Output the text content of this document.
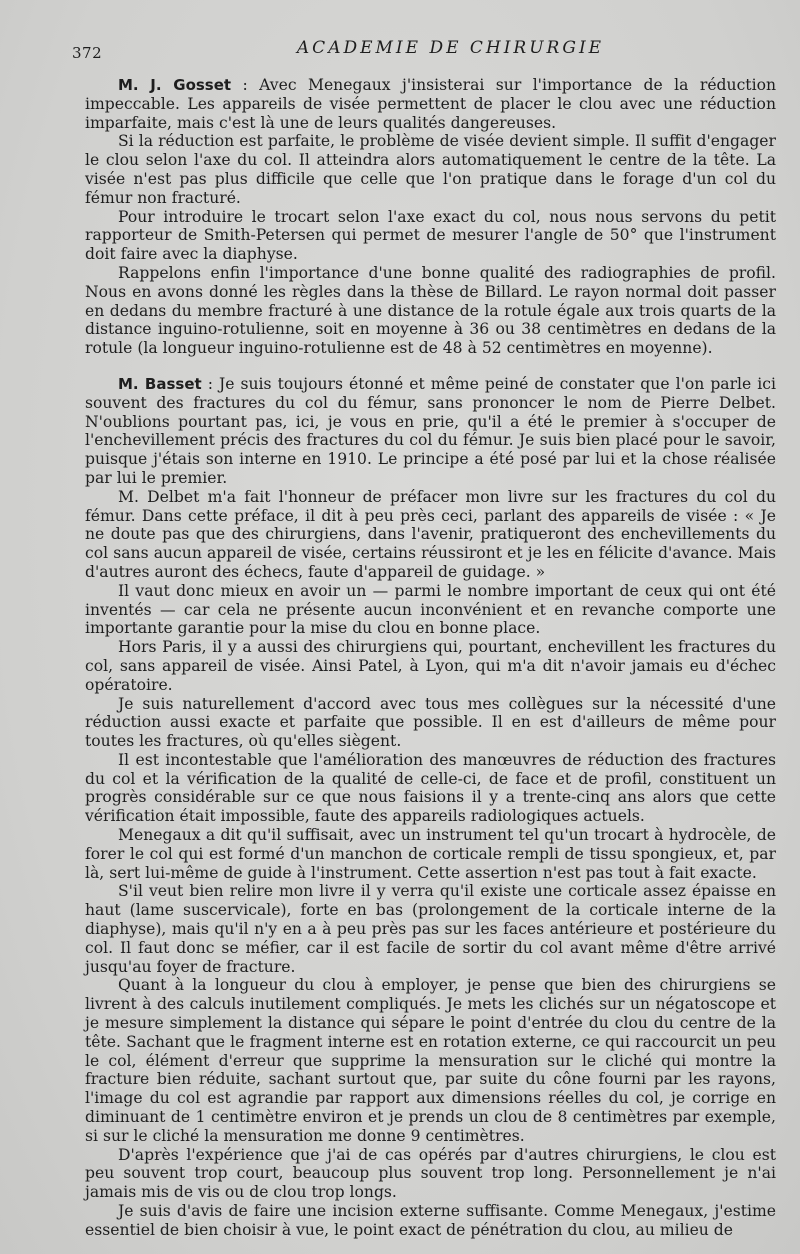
372	ACADEMIE DE CHIRURGIE

M. J. Gosset : Avec Menegaux j'insisterai sur l'importance de la réduction impeccable. Les appareils de visée permettent de placer le clou avec une réduction imparfaite, mais c'est là une de leurs qualités dangereuses.

Si la réduction est parfaite, le problème de visée devient simple. Il suffit d'engager le clou selon l'axe du col. Il atteindra alors automatiquement le centre de la tête. La visée n'est pas plus difficile que celle que l'on pratique dans le forage d'un col du fémur non fracturé.

Pour introduire le trocart selon l'axe exact du col, nous nous servons du petit rapporteur de Smith-Petersen qui permet de mesurer l'angle de 50° que l'instrument doit faire avec la diaphyse.

Rappelons enfin l'importance d'une bonne qualité des radiographies de profil. Nous en avons donné les règles dans la thèse de Billard. Le rayon normal doit passer en dedans du membre fracturé à une distance de la rotule égale aux trois quarts de la distance inguino-rotulienne, soit en moyenne à 36 ou 38 centimètres en dedans de la rotule (la longueur inguino-rotulienne est de 48 à 52 centimètres en moyenne).

M. Basset : Je suis toujours étonné et même peiné de constater que l'on parle ici souvent des fractures du col du fémur, sans prononcer le nom de Pierre Delbet. N'oublions pourtant pas, ici, je vous en prie, qu'il a été le premier à s'occuper de l'enchevillement précis des fractures du col du fémur. Je suis bien placé pour le savoir, puisque j'étais son interne en 1910. Le principe a été posé par lui et la chose réalisée par lui le premier.

M. Delbet m'a fait l'honneur de préfacer mon livre sur les fractures du col du fémur. Dans cette préface, il dit à peu près ceci, parlant des appareils de visée : « Je ne doute pas que des chirurgiens, dans l'avenir, pratiqueront des enchevillements du col sans aucun appareil de visée, certains réussiront et je les en félicite d'avance. Mais d'autres auront des échecs, faute d'appareil de guidage. »

Il vaut donc mieux en avoir un — parmi le nombre important de ceux qui ont été inventés — car cela ne présente aucun inconvénient et en revanche comporte une importante garantie pour la mise du clou en bonne place.

Hors Paris, il y a aussi des chirurgiens qui, pourtant, enchevillent les fractures du col, sans appareil de visée. Ainsi Patel, à Lyon, qui m'a dit n'avoir jamais eu d'échec opératoire.

Je suis naturellement d'accord avec tous mes collègues sur la nécessité d'une réduction aussi exacte et parfaite que possible. Il en est d'ailleurs de même pour toutes les fractures, où qu'elles siègent.

Il est incontestable que l'amélioration des manœuvres de réduction des fractures du col et la vérification de la qualité de celle-ci, de face et de profil, constituent un progrès considérable sur ce que nous faisions il y a trente-cinq ans alors que cette vérification était impossible, faute des appareils radiologiques actuels.

Menegaux a dit qu'il suffisait, avec un instrument tel qu'un trocart à hydrocèle, de forer le col qui est formé d'un manchon de corticale rempli de tissu spongieux, et, par là, sert lui-même de guide à l'instrument. Cette assertion n'est pas tout à fait exacte.

S'il veut bien relire mon livre il y verra qu'il existe une corticale assez épaisse en haut (lame suscervicale), forte en bas (prolongement de la corticale interne de la diaphyse), mais qu'il n'y en a à peu près pas sur les faces antérieure et postérieure du col. Il faut donc se méfier, car il est facile de sortir du col avant même d'être arrivé jusqu'au foyer de fracture.

Quant à la longueur du clou à employer, je pense que bien des chirurgiens se livrent à des calculs inutilement compliqués. Je mets les clichés sur un négatoscope et je mesure simplement la distance qui sépare le point d'entrée du clou du centre de la tête. Sachant que le fragment interne est en rotation externe, ce qui raccourcit un peu le col, élément d'erreur que supprime la mensuration sur le cliché qui montre la fracture bien réduite, sachant surtout que, par suite du cône fourni par les rayons, l'image du col est agrandie par rapport aux dimensions réelles du col, je corrige en diminuant de 1 centimètre environ et je prends un clou de 8 centimètres par exemple, si sur le cliché la mensuration me donne 9 centimètres.

D'après l'expérience que j'ai de cas opérés par d'autres chirurgiens, le clou est peu souvent trop court, beaucoup plus souvent trop long. Personnellement je n'ai jamais mis de vis ou de clou trop longs.

Je suis d'avis de faire une incision externe suffisante. Comme Menegaux, j'estime essentiel de bien choisir à vue, le point exact de pénétration du clou, au milieu de
